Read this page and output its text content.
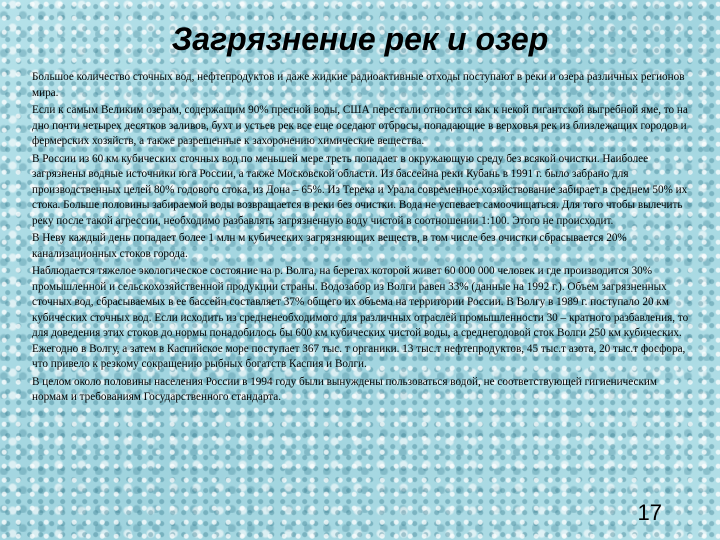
Загрязнение рек и озер

Большое количество сточных вод, нефтепродуктов и даже жидкие радиоактивные отходы поступают в реки и озера различных регионов мира.

Если к самым Великим озерам, содержащим 90% пресной воды, США перестали относится как к некой гигантской выгребной яме, то на дно почти четырех десятков заливов, бухт и устьев рек все еще оседают отбросы, попадающие в верховья рек из близлежащих городов и фермерских хозяйств, а также разрешенные к захоронению химические вещества.

В России из 60 км кубических сточных вод по меньшей мере треть попадает в окружающую среду без всякой очистки. Наиболее загрязнены водные источники юга России, а также Московской области. Из бассейна реки Кубань в 1991 г. было забрано для производственных целей 80% годового стока, из Дона – 65%. Из Терека и Урала современное хозяйствование забирает в среднем 50% их стока. Больше половины забираемой воды возвращается в реки без очистки. Вода не успевает самоочищаться. Для того чтобы вылечить реку после такой агрессии, необходимо разбавлять загрязненную воду чистой в соотношении 1:100. Этого не происходит.

В Неву каждый день попадает более 1 млн м кубических загрязняющих веществ, в том числе без очистки сбрасывается 20% канализационных стоков города.

Наблюдается тяжелое экологическое состояние на р. Волга, на берегах которой живет 60 000 000 человек и где производится 30% промышленной и сельскохозяйственной продукции страны. Водозабор из Волги равен 33% (данные на 1992 г.). Объем загрязненных сточных вод, сбрасываемых в ее бассейн составляет 37% общего их объема на территории России. В Волгу в 1989 г. поступало 20 км кубических сточных вод. Если исходить из средненеобходимого для различных отраслей промышленности 30 – кратного разбавления, то для доведения этих стоков до нормы понадобилось бы 600 км кубических чистой воды, а среднегодовой сток Волги 250 км кубических. Ежегодно в Волгу, а затем в Каспийское море поступает 367 тыс. т органики. 13 тыс.т нефтепродуктов, 45 тыс.т азота, 20 тыс.т фосфора, что привело к резкому сокращению рыбных богатств Каспия и Волги.

В целом около половины населения России в 1994 году были вынуждены пользоваться водой, не соответствующей гигиеническим нормам и требованиям Государственного стандарта.

17
